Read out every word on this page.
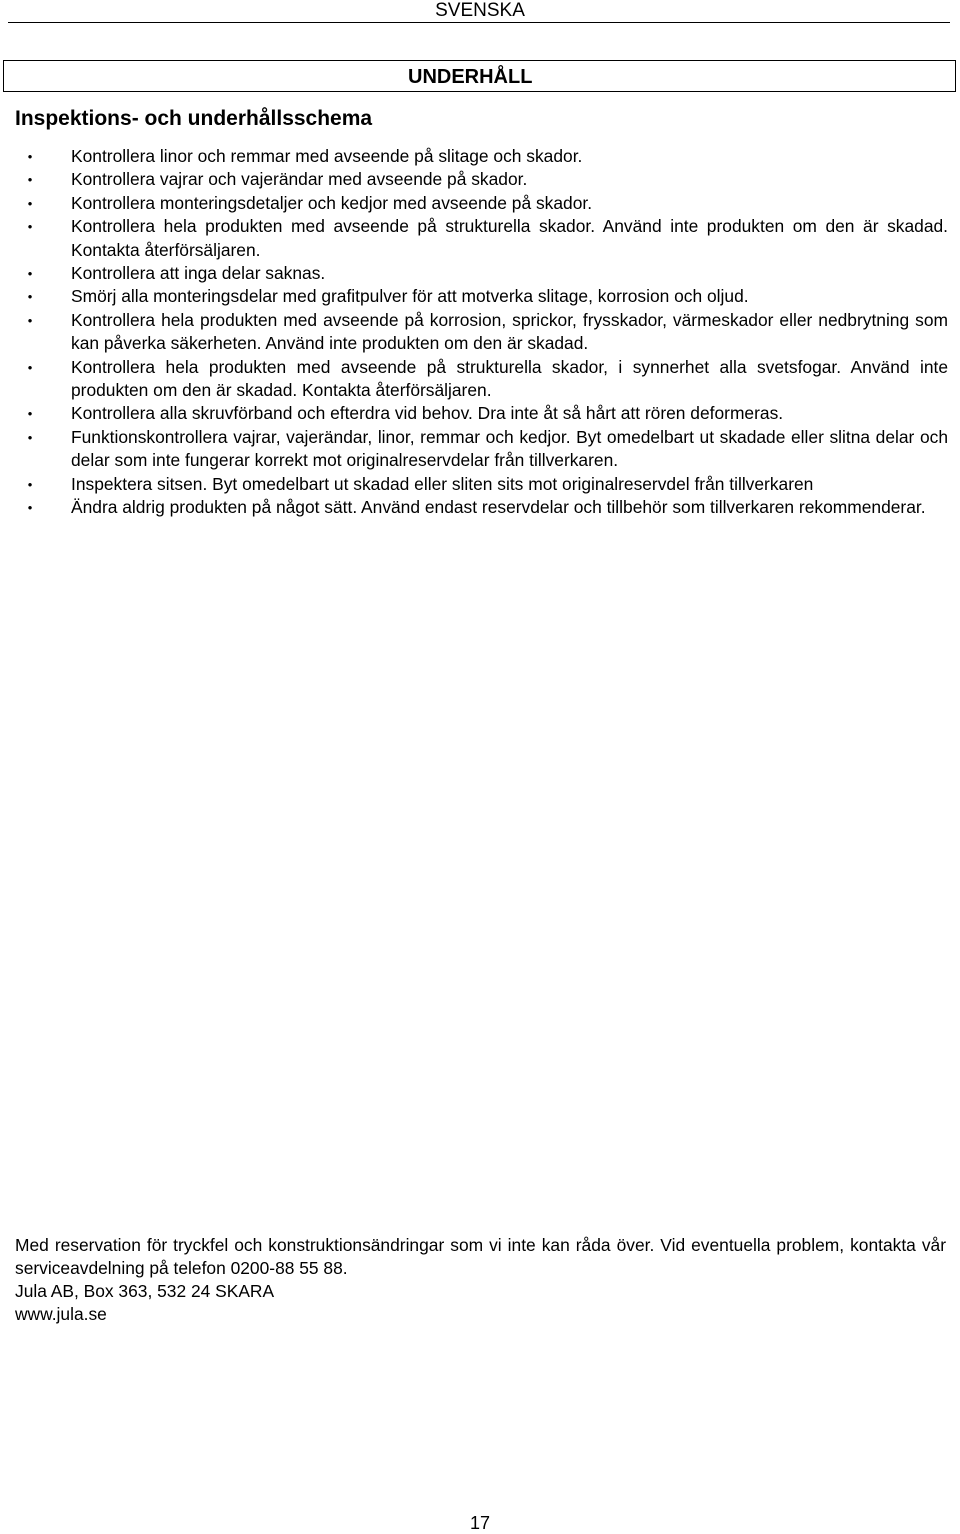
SVENSKA
UNDERHÅLL
Inspektions- och underhållsschema
• Kontrollera linor och remmar med avseende på slitage och skador.
• Kontrollera vajrar och vajerändar med avseende på skador.
• Kontrollera monteringsdetaljer och kedjor med avseende på skador.
• Kontrollera hela produkten med avseende på strukturella skador. Använd inte produkten om den är skadad. Kontakta återförsäljaren.
• Kontrollera att inga delar saknas.
• Smörj alla monteringsdelar med grafitpulver för att motverka slitage, korrosion och oljud.
• Kontrollera hela produkten med avseende på korrosion, sprickor, frysskador, värmeskador eller nedbrytning som kan påverka säkerheten. Använd inte produkten om den är skadad.
• Kontrollera hela produkten med avseende på strukturella skador, i synnerhet alla svetsfogar. Använd inte produkten om den är skadad. Kontakta återförsäljaren.
• Kontrollera alla skruvförband och efterdra vid behov. Dra inte åt så hårt att rören deformeras.
• Funktionskontrollera vajrar, vajerändar, linor, remmar och kedjor. Byt omedelbart ut skadade eller slitna delar och delar som inte fungerar korrekt mot originalreservdelar från tillverkaren.
• Inspektera sitsen. Byt omedelbart ut skadad eller sliten sits mot originalreservdel från tillverkaren
• Ändra aldrig produkten på något sätt. Använd endast reservdelar och tillbehör som tillverkaren rekommenderar.
Med reservation för tryckfel och konstruktionsändringar som vi inte kan råda över. Vid eventuella problem, kontakta vår serviceavdelning på telefon 0200-88 55 88.
Jula AB, Box 363, 532 24 SKARA
www.jula.se
17
